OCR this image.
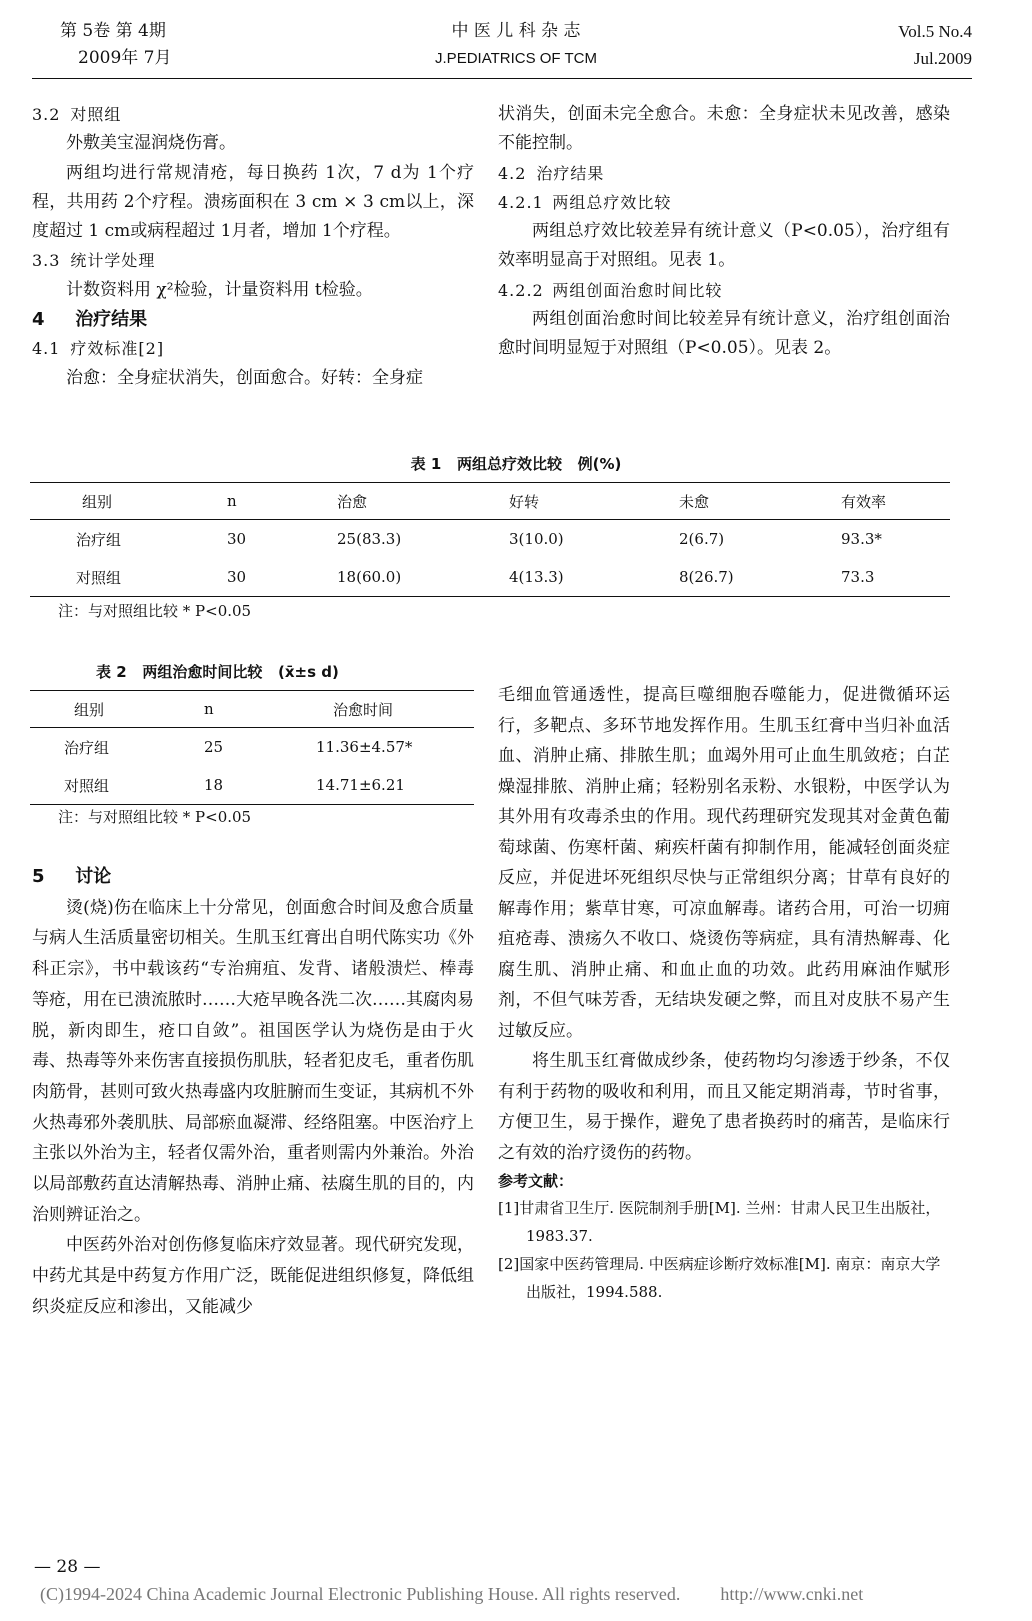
第 5卷 第 4期
2009年 7月
中 医 儿 科 杂 志
J.PEDIATRICS OF TCM
Vol.5 No.4
Jul.2009

3.2 对照组

外敷美宝湿润烧伤膏。

两组均进行常规清疮，每日换药 1次，7 d为 1个疗程，共用药 2个疗程。溃疡面积在 3 cm × 3 cm以上，深度超过 1 cm或病程超过 1月者，增加 1个疗程。

3.3 统计学处理

计数资料用 χ²检验，计量资料用 t检验。

4 治疗结果

4.1 疗效标准[2]

治愈：全身症状消失，创面愈合。好转：全身症

状消失，创面未完全愈合。未愈：全身症状未见改善，感染不能控制。

4.2 治疗结果

4.2.1 两组总疗效比较

两组总疗效比较差异有统计意义（P<0.05），治疗组有效率明显高于对照组。见表 1。

4.2.2 两组创面治愈时间比较

两组创面治愈时间比较差异有统计意义，治疗组创面治愈时间明显短于对照组（P<0.05）。见表 2。

表 1   两组总疗效比较   例(%)
组别	n	治愈	好转	未愈	有效率
治疗组	30	25(83.3)	3(10.0)	2(6.7)	93.3*
对照组	30	18(60.0)	4(13.3)	8(26.7)	73.3
注：与对照组比较 * P<0.05
表 2   两组治愈时间比较   (x̄±s d)
组别	n	治愈时间
治疗组	25	11.36±4.57*
对照组	18	14.71±6.21
注：与对照组比较 * P<0.05

5 讨论

烫(烧)伤在临床上十分常见，创面愈合时间及愈合质量与病人生活质量密切相关。生肌玉红膏出自明代陈实功《外科正宗》，书中载该药“专治痈疽、发背、诸般溃烂、棒毒等疮，用在已溃流脓时……大疮早晚各洗二次……其腐肉易脱，新肉即生，疮口自敛”。祖国医学认为烧伤是由于火毒、热毒等外来伤害直接损伤肌肤，轻者犯皮毛，重者伤肌肉筋骨，甚则可致火热毒盛内攻脏腑而生变证，其病机不外火热毒邪外袭肌肤、局部瘀血凝滞、经络阻塞。中医治疗上主张以外治为主，轻者仅需外治，重者则需内外兼治。外治以局部敷药直达清解热毒、消肿止痛、祛腐生肌的目的，内治则辨证治之。

中医药外治对创伤修复临床疗效显著。现代研究发现，中药尤其是中药复方作用广泛，既能促进组织修复，降低组织炎症反应和渗出，又能减少

毛细血管通透性，提高巨噬细胞吞噬能力，促进微循环运行，多靶点、多环节地发挥作用。生肌玉红膏中当归补血活血、消肿止痛、排脓生肌；血竭外用可止血生肌敛疮；白芷燥湿排脓、消肿止痛；轻粉别名汞粉、水银粉，中医学认为其外用有攻毒杀虫的作用。现代药理研究发现其对金黄色葡萄球菌、伤寒杆菌、痢疾杆菌有抑制作用，能减轻创面炎症反应，并促进坏死组织尽快与正常组织分离；甘草有良好的解毒作用；紫草甘寒，可凉血解毒。诸药合用，可治一切痈疽疮毒、溃疡久不收口、烧烫伤等病症，具有清热解毒、化腐生肌、消肿止痛、和血止血的功效。此药用麻油作赋形剂，不但气味芳香，无结块发硬之弊，而且对皮肤不易产生过敏反应。

将生肌玉红膏做成纱条，使药物均匀渗透于纱条，不仅有利于药物的吸收和利用，而且又能定期消毒，节时省事，方便卫生，易于操作，避免了患者换药时的痛苦，是临床行之有效的治疗烫伤的药物。

参考文献：

[1]甘肃省卫生厅. 医院制剂手册[M]. 兰州：甘肃人民卫生出版社，1983.37.

[2]国家中医药管理局. 中医病症诊断疗效标准[M]. 南京：南京大学出版社，1994.588.

— 28 —
(C)1994-2024 China Academic Journal Electronic Publishing House. All rights reserved. http://www.cnki.net
